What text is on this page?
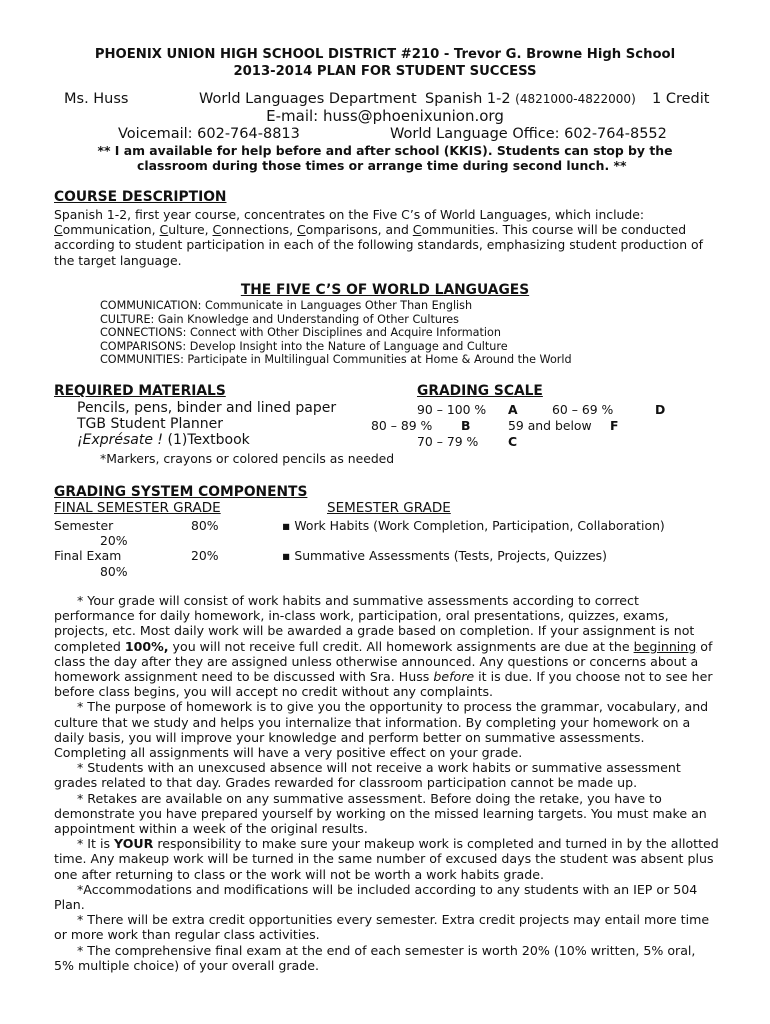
PHOENIX UNION HIGH SCHOOL DISTRICT #210 - Trevor G. Browne High School
2013-2014 PLAN FOR STUDENT SUCCESS
Ms. Huss	World Languages Department Spanish 1-2 (4821000-4822000) 1 Credit
E-mail: huss@phoenixunion.org
Voicemail: 602-764-8813	World Language Office: 602-764-8552
** I am available for help before and after school (KKIS). Students can stop by the
classroom during those times or arrange time during second lunch. **
COURSE DESCRIPTION
Spanish 1-2, first year course, concentrates on the Five C’s of World Languages, which include:
Communication, Culture, Connections, Comparisons, and Communities. This course will be conducted
according to student participation in each of the following standards, emphasizing student production of
the target language.
THE FIVE C’S OF WORLD LANGUAGES
COMMUNICATION: Communicate in Languages Other Than English
CULTURE: Gain Knowledge and Understanding of Other Cultures
CONNECTIONS: Connect with Other Disciplines and Acquire Information
COMPARISONS: Develop Insight into the Nature of Language and Culture
COMMUNITIES: Participate in Multilingual Communities at Home & Around the World
REQUIRED MATERIALS
Pencils, pens, binder and lined paper
TGB Student Planner
¡Exprésate ! (1)Textbook
*Markers, crayons or colored pencils as needed
GRADING SCALE
90 – 100 % A	60 – 69 %	D
80 – 89 % B	59 and below F
70 – 79 % C
GRADING SYSTEM COMPONENTS
FINAL SEMESTER GRADE	SEMESTER GRADE
Semester	80%	▪ Work Habits (Work Completion, Participation, Collaboration)
20%
Final Exam	20%	▪ Summative Assessments (Tests, Projects, Quizzes)
80%

* Your grade will consist of work habits and summative assessments according to correct performance for daily homework, in-class work, participation, oral presentations, quizzes, exams, projects, etc. Most daily work will be awarded a grade based on completion. If your assignment is not completed 100%, you will not receive full credit. All homework assignments are due at the beginning of class the day after they are assigned unless otherwise announced. Any questions or concerns about a homework assignment need to be discussed with Sra. Huss before it is due. If you choose not to see her before class begins, you will accept no credit without any complaints.

* The purpose of homework is to give you the opportunity to process the grammar, vocabulary, and culture that we study and helps you internalize that information. By completing your homework on a daily basis, you will improve your knowledge and perform better on summative assessments. Completing all assignments will have a very positive effect on your grade.

* Students with an unexcused absence will not receive a work habits or summative assessment grades related to that day. Grades rewarded for classroom participation cannot be made up.

* Retakes are available on any summative assessment. Before doing the retake, you have to demonstrate you have prepared yourself by working on the missed learning targets. You must make an appointment within a week of the original results.

* It is YOUR responsibility to make sure your makeup work is completed and turned in by the allotted time. Any makeup work will be turned in the same number of excused days the student was absent plus one after returning to class or the work will not be worth a work habits grade.

*Accommodations and modifications will be included according to any students with an IEP or 504 Plan.

* There will be extra credit opportunities every semester. Extra credit projects may entail more time or more work than regular class activities.

* The comprehensive final exam at the end of each semester is worth 20% (10% written, 5% oral, 5% multiple choice) of your overall grade.
